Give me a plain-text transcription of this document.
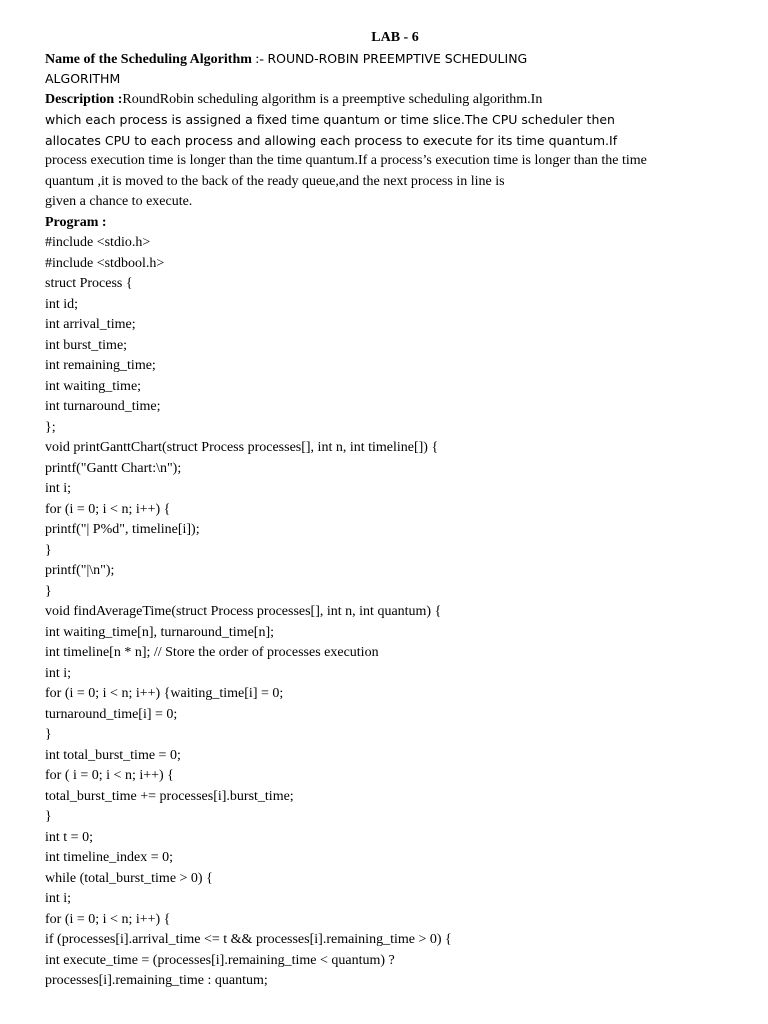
LAB - 6
Name of the Scheduling Algorithm :- ROUND-ROBIN PREEMPTIVE SCHEDULING
ALGORITHM
Description :RoundRobin scheduling algorithm is a preemptive scheduling algorithm.In
which each process is assigned a fixed time quantum or time slice.The CPU scheduler then
allocates CPU to each process and allowing each process to execute for its time quantum.If
process execution time is longer than the time quantum.If a process’s execution time is longer than the time
quantum ,it is moved to the back of the ready queue,and the next process in line is
given a chance to execute.
Program :
#include <stdio.h>
#include <stdbool.h>
struct Process {
int id;
int arrival_time;
int burst_time;
int remaining_time;
int waiting_time;
int turnaround_time;
};
void printGanttChart(struct Process processes[], int n, int timeline[]) {
printf("Gantt Chart:\n");
int i;
for (i = 0; i < n; i++) {
printf("| P%d", timeline[i]);
}
printf("|\n");
}
void findAverageTime(struct Process processes[], int n, int quantum) {
int waiting_time[n], turnaround_time[n];
int timeline[n * n]; // Store the order of processes execution
int i;
for (i = 0; i < n; i++) {waiting_time[i] = 0;
turnaround_time[i] = 0;
}
int total_burst_time = 0;
for ( i = 0; i < n; i++) {
total_burst_time += processes[i].burst_time;
}
int t = 0;
int timeline_index = 0;
while (total_burst_time > 0) {
int i;
for (i = 0; i < n; i++) {
if (processes[i].arrival_time <= t && processes[i].remaining_time > 0) {
int execute_time = (processes[i].remaining_time < quantum) ?
processes[i].remaining_time : quantum;
